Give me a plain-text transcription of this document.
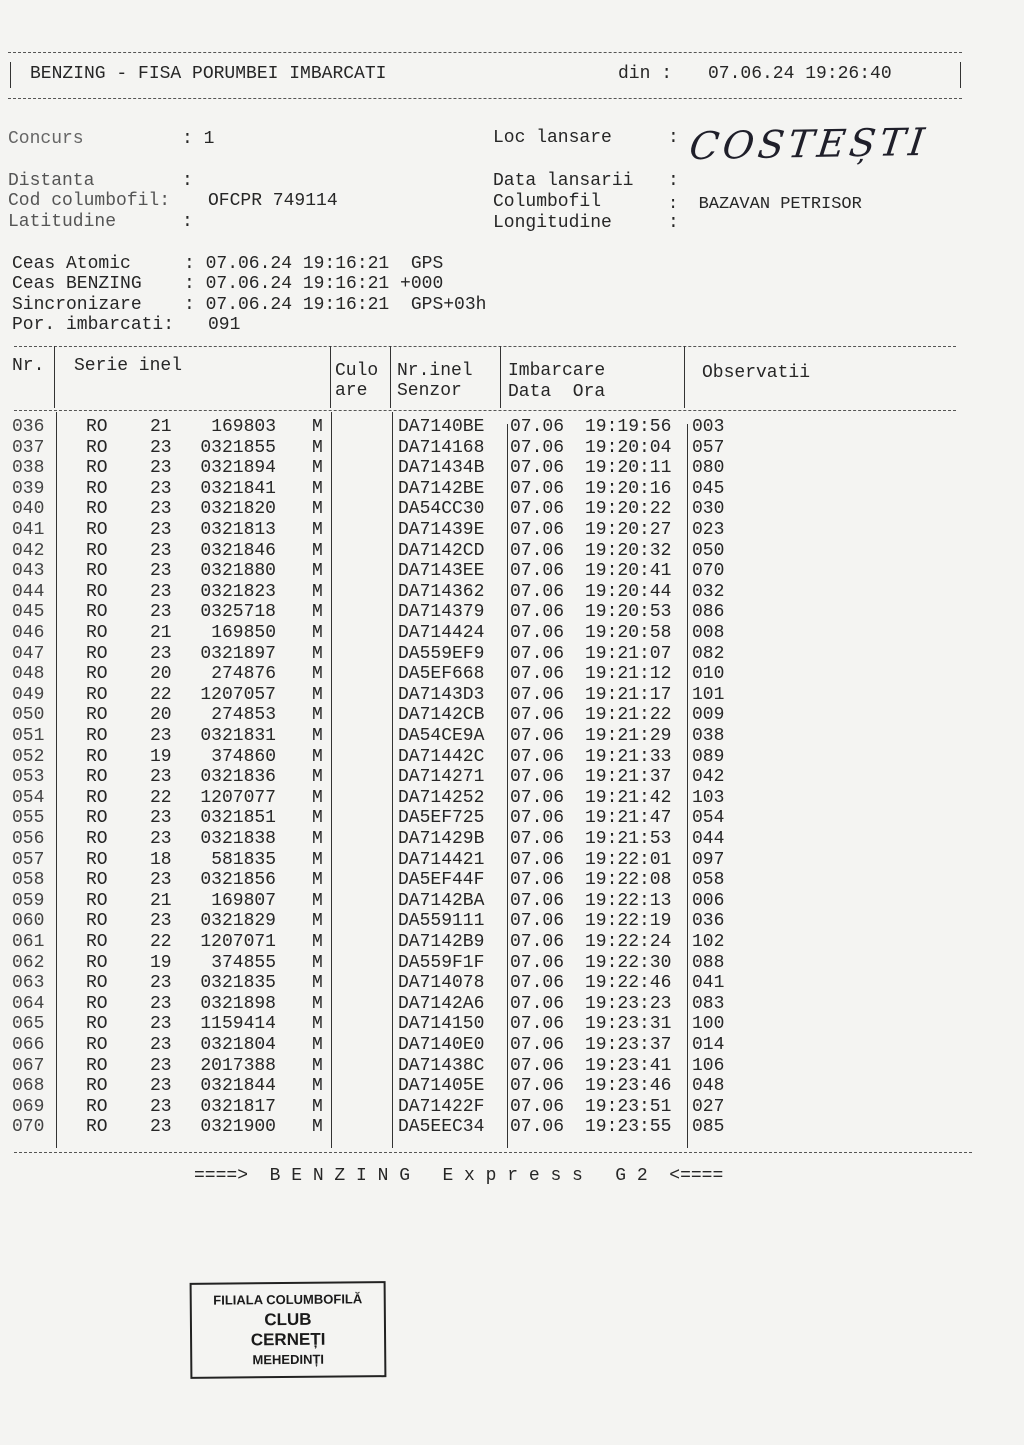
BENZING - FISA PORUMBEI IMBARCATI	din : 07.06.24 19:26:40
Concurs	: 1	Loc lansare	: COSTEȘTI
Distanta	:	Data lansarii :
Cod columbofil: OFCPR 749114	Columbofil	:  BAZAVAN PETRISOR
Latitudine	:	Longitudine	:
Ceas Atomic	: 07.06.24 19:16:21  GPS
Ceas BENZING : 07.06.24 19:16:21 +000
Sincronizare : 07.06.24 19:16:21  GPS+03h
Por. imbarcati: 091
Nr. Serie inel	Culo
are
Nr.inel
Senzor
Imbarcare
Data  Ora
Observatii
036 RO 21	169803 M	DA7140BE 07.06 19:19:56 003
037 RO 23	0321855 M	DA714168 07.06 19:20:04 057
038 RO 23	0321894 M	DA71434B 07.06 19:20:11 080
039 RO 23	0321841 M	DA7142BE 07.06 19:20:16 045
040 RO 23	0321820 M	DA54CC30 07.06 19:20:22 030
041 RO 23	0321813 M	DA71439E 07.06 19:20:27 023
042 RO 23	0321846 M	DA7142CD 07.06 19:20:32 050
043 RO 23	0321880 M	DA7143EE 07.06 19:20:41 070
044 RO 23	0321823 M	DA714362 07.06 19:20:44 032
045 RO 23	0325718 M	DA714379 07.06 19:20:53 086
046 RO 21	169850 M	DA714424 07.06 19:20:58 008
047 RO 23	0321897 M	DA559EF9 07.06 19:21:07 082
048 RO 20	274876 M	DA5EF668 07.06 19:21:12 010
049 RO 22	1207057 M	DA7143D3 07.06 19:21:17 101
050 RO 20	274853 M	DA7142CB 07.06 19:21:22 009
051 RO 23	0321831 M	DA54CE9A 07.06 19:21:29 038
052 RO 19	374860 M	DA71442C 07.06 19:21:33 089
053 RO 23	0321836 M	DA714271 07.06 19:21:37 042
054 RO 22	1207077 M	DA714252 07.06 19:21:42 103
055 RO 23	0321851 M	DA5EF725 07.06 19:21:47 054
056 RO 23	0321838 M	DA71429B 07.06 19:21:53 044
057 RO 18	581835 M	DA714421 07.06 19:22:01 097
058 RO 23	0321856 M	DA5EF44F 07.06 19:22:08 058
059 RO 21	169807 M	DA7142BA 07.06 19:22:13 006
060 RO 23	0321829 M	DA559111 07.06 19:22:19 036
061 RO 22	1207071 M	DA7142B9 07.06 19:22:24 102
062 RO 19	374855 M	DA559F1F 07.06 19:22:30 088
063 RO 23	0321835 M	DA714078 07.06 19:22:46 041
064 RO 23	0321898 M	DA7142A6 07.06 19:23:23 083
065 RO 23	1159414 M	DA714150 07.06 19:23:31 100
066 RO 23	0321804 M	DA7140E0 07.06 19:23:37 014
067 RO 23	2017388 M	DA71438C 07.06 19:23:41 106
068 RO 23	0321844 M	DA71405E 07.06 19:23:46 048
069 RO 23	0321817 M	DA71422F 07.06 19:23:51 027
070 RO 23	0321900 M	DA5EEC34 07.06 19:23:55 085
====>  B E N Z I N G   E x p r e s s   G 2  <====
FILIALA COLUMBOFILĂ
CLUB
CERNEȚI
MEHEDINȚI
